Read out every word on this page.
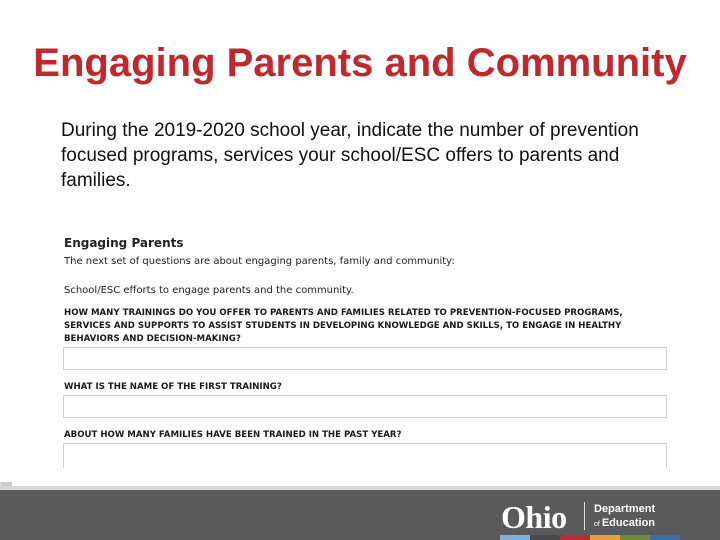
Engaging Parents and Community

During the 2019-2020 school year, indicate the number of prevention focused programs, services your school/ESC offers to parents and families.

Engaging Parents
The next set of questions are about engaging parents, family and community:
School/ESC efforts to engage parents and the community.
HOW MANY TRAININGS DO YOU OFFER TO PARENTS AND FAMILIES RELATED TO PREVENTION-FOCUSED PROGRAMS, SERVICES AND SUPPORTS TO ASSIST STUDENTS IN DEVELOPING KNOWLEDGE AND SKILLS, TO ENGAGE IN HEALTHY BEHAVIORS AND DECISION-MAKING?
WHAT IS THE NAME OF THE FIRST TRAINING?
ABOUT HOW MANY FAMILIES HAVE BEEN TRAINED IN THE PAST YEAR?
Ohio Department
of Education
